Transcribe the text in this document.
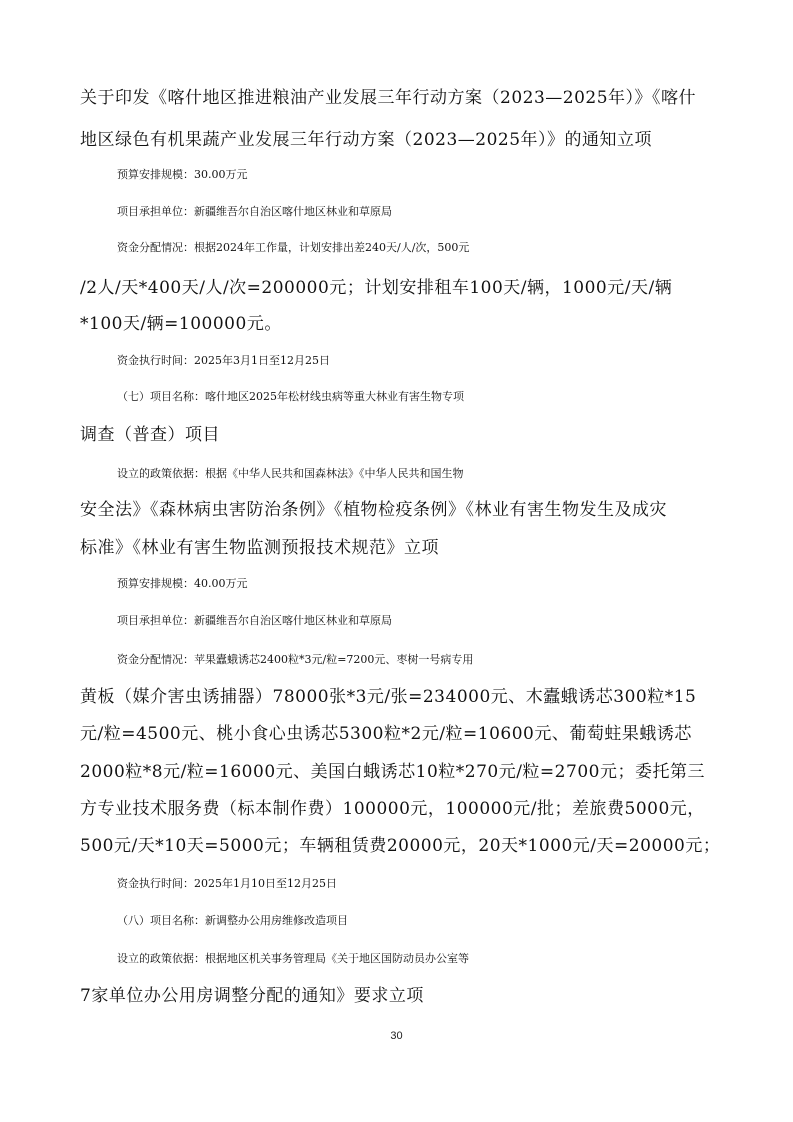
关于印发《喀什地区推进粮油产业发展三年行动方案（2023—2025年）》《喀什
地区绿色有机果蔬产业发展三年行动方案（2023—2025年）》的通知立项
预算安排规模：30.00万元
项目承担单位：新疆维吾尔自治区喀什地区林业和草原局
资金分配情况：根据2024年工作量，计划安排出差240天/人/次，500元
/2人/天*400天/人/次=200000元；计划安排租车100天/辆，1000元/天/辆
*100天/辆=100000元。
资金执行时间：2025年3月1日至12月25日
（七）项目名称：喀什地区2025年松材线虫病等重大林业有害生物专项
调查（普查）项目
设立的政策依据：根据《中华人民共和国森林法》《中华人民共和国生物
安全法》《森林病虫害防治条例》《植物检疫条例》《林业有害生物发生及成灾
标准》《林业有害生物监测预报技术规范》立项
预算安排规模：40.00万元
项目承担单位：新疆维吾尔自治区喀什地区林业和草原局
资金分配情况：苹果蠹蛾诱芯2400粒*3元/粒=7200元、枣树一号病专用
黄板（媒介害虫诱捕器）78000张*3元/张=234000元、木蠹蛾诱芯300粒*15
元/粒=4500元、桃小食心虫诱芯5300粒*2元/粒=10600元、葡萄蛀果蛾诱芯
2000粒*8元/粒=16000元、美国白蛾诱芯10粒*270元/粒=2700元；委托第三
方专业技术服务费（标本制作费）100000元，100000元/批；差旅费5000元，
500元/天*10天=5000元；车辆租赁费20000元，20天*1000元/天=20000元；
资金执行时间：2025年1月10日至12月25日
（八）项目名称：新调整办公用房维修改造项目
设立的政策依据：根据地区机关事务管理局《关于地区国防动员办公室等
7家单位办公用房调整分配的通知》要求立项
30
